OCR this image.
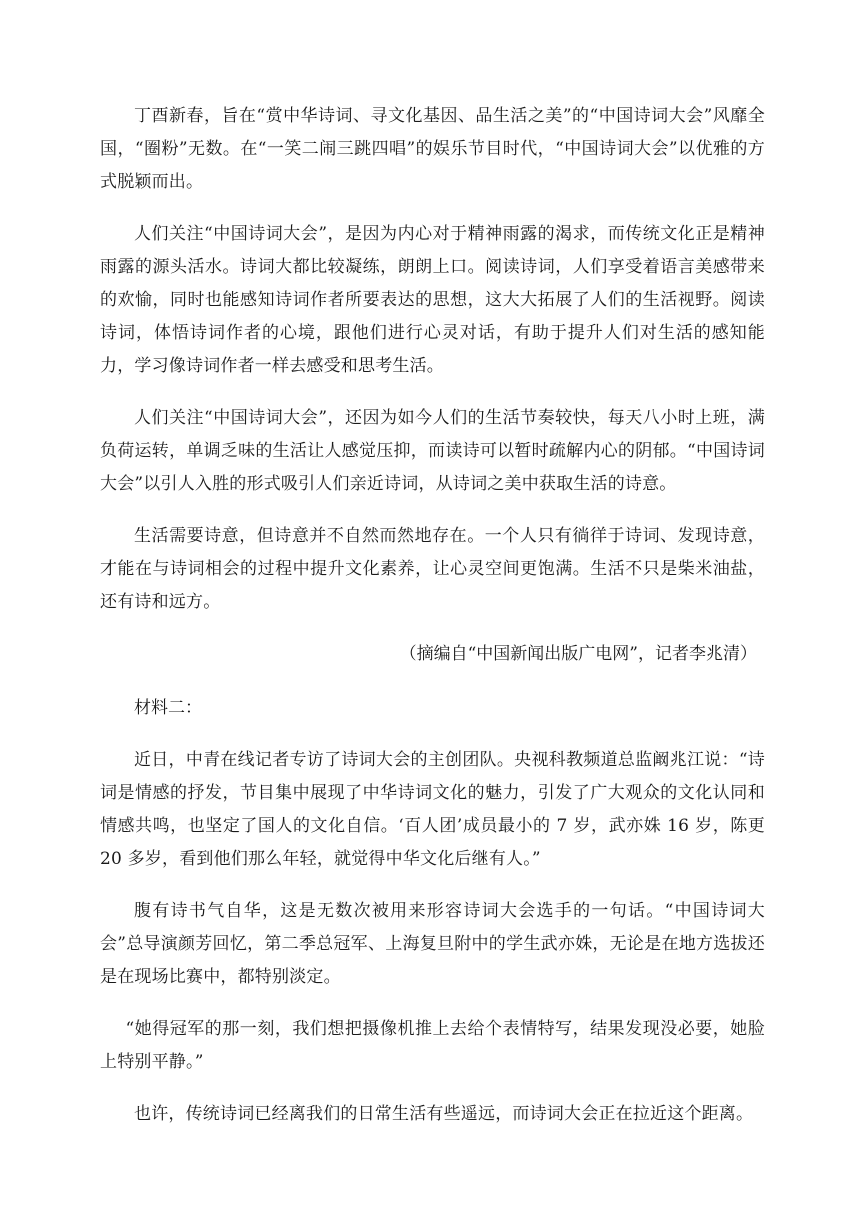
丁酉新春，旨在“赏中华诗词、寻文化基因、品生活之美”的“中国诗词大会”风靡全国，“圈粉”无数。在“一笑二闹三跳四唱”的娱乐节目时代，“中国诗词大会”以优雅的方式脱颖而出。

人们关注“中国诗词大会”，是因为内心对于精神雨露的渴求，而传统文化正是精神雨露的源头活水。诗词大都比较凝练，朗朗上口。阅读诗词，人们享受着语言美感带来的欢愉，同时也能感知诗词作者所要表达的思想，这大大拓展了人们的生活视野。阅读诗词，体悟诗词作者的心境，跟他们进行心灵对话，有助于提升人们对生活的感知能力，学习像诗词作者一样去感受和思考生活。

人们关注“中国诗词大会”，还因为如今人们的生活节奏较快，每天八小时上班，满负荷运转，单调乏味的生活让人感觉压抑，而读诗可以暂时疏解内心的阴郁。“中国诗词大会”以引人入胜的形式吸引人们亲近诗词，从诗词之美中获取生活的诗意。

生活需要诗意，但诗意并不自然而然地存在。一个人只有徜徉于诗词、发现诗意，才能在与诗词相会的过程中提升文化素养，让心灵空间更饱满。生活不只是柴米油盐，还有诗和远方。

（摘编自“中国新闻出版广电网”，记者李兆清）

材料二：

近日，中青在线记者专访了诗词大会的主创团队。央视科教频道总监阚兆江说：“诗词是情感的抒发，节目集中展现了中华诗词文化的魅力，引发了广大观众的文化认同和情感共鸣，也坚定了国人的文化自信。‘百人团’成员最小的 7 岁，武亦姝 16 岁，陈更 20 多岁，看到他们那么年轻，就觉得中华文化后继有人。”

腹有诗书气自华，这是无数次被用来形容诗词大会选手的一句话。“中国诗词大会”总导演颜芳回忆，第二季总冠军、上海复旦附中的学生武亦姝，无论是在地方选拔还是在现场比赛中，都特别淡定。

“她得冠军的那一刻，我们想把摄像机推上去给个表情特写，结果发现没必要，她脸上特别平静。”

也许，传统诗词已经离我们的日常生活有些遥远，而诗词大会正在拉近这个距离。
